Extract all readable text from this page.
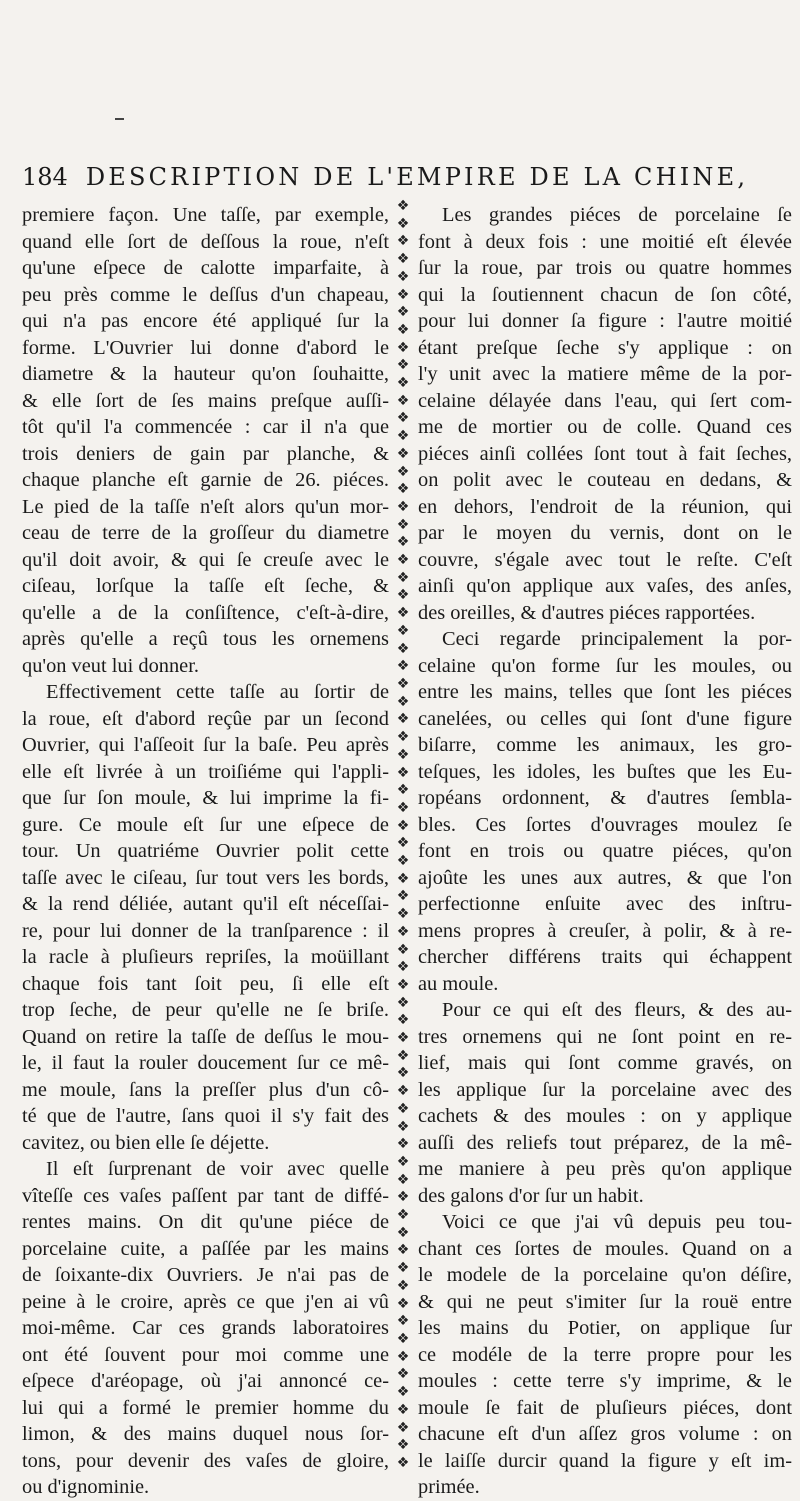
184 DESCRIPTION DE L'EMPIRE DE LA CHINE,
premiere façon. Une taſſe, par exemple,
quand elle ſort de deſſous la roue, n'eſt
qu'une eſpece de calotte imparfaite, à
peu près comme le deſſus d'un chapeau,
qui n'a pas encore été appliqué ſur la
forme. L'Ouvrier lui donne d'abord le
diametre & la hauteur qu'on ſouhaitte,
& elle ſort de ſes mains preſque auſſi-
tôt qu'il l'a commencée : car il n'a que
trois deniers de gain par planche, &
chaque planche eſt garnie de 26. piéces.
Le pied de la taſſe n'eſt alors qu'un mor-
ceau de terre de la groſſeur du diametre
qu'il doit avoir, & qui ſe creuſe avec le
ciſeau, lorſque la taſſe eſt ſeche, &
qu'elle a de la conſiſtence, c'eſt-à-dire,
après qu'elle a reçû tous les ornemens
qu'on veut lui donner.
Effectivement cette taſſe au ſortir de
la roue, eſt d'abord reçûe par un ſecond
Ouvrier, qui l'aſſeoit ſur la baſe. Peu après
elle eſt livrée à un troiſiéme qui l'appli-
que ſur ſon moule, & lui imprime la fi-
gure. Ce moule eſt ſur une eſpece de
tour. Un quatriéme Ouvrier polit cette
taſſe avec le ciſeau, ſur tout vers les bords,
& la rend déliée, autant qu'il eſt néceſſai-
re, pour lui donner de la tranſparence : il
la racle à pluſieurs repriſes, la moüillant
chaque fois tant ſoit peu, ſi elle eſt
trop ſeche, de peur qu'elle ne ſe briſe.
Quand on retire la taſſe de deſſus le mou-
le, il faut la rouler doucement ſur ce mê-
me moule, ſans la preſſer plus d'un cô-
té que de l'autre, ſans quoi il s'y fait des
cavitez, ou bien elle ſe déjette.
Il eſt ſurprenant de voir avec quelle
vîteſſe ces vaſes paſſent par tant de diffé-
rentes mains. On dit qu'une piéce de
porcelaine cuite, a paſſée par les mains
de ſoixante-dix Ouvriers. Je n'ai pas de
peine à le croire, après ce que j'en ai vû
moi-même. Car ces grands laboratoires
ont été ſouvent pour moi comme une
eſpece d'aréopage, où j'ai annoncé ce-
lui qui a formé le premier homme du
limon, & des mains duquel nous ſor-
tons, pour devenir des vaſes de gloire,
ou d'ignominie.
❖
❖
❖
❖
❖
❖
❖
❖
❖
❖
❖
❖
❖
❖
❖
❖
❖
❖
❖
❖
❖
❖
❖
❖
❖
❖
❖
❖
❖
❖
❖
❖
❖
❖
❖
❖
❖
❖
❖
❖
❖
❖
❖
❖
❖
❖
❖
❖
❖
❖
❖
❖
❖
❖
❖
❖
❖
❖
❖
❖
❖
❖
❖
❖
❖
❖
❖
❖
❖
❖
❖
❖
Les grandes piéces de porcelaine ſe
font à deux fois : une moitié eſt élevée
ſur la roue, par trois ou quatre hommes
qui la ſoutiennent chacun de ſon côté,
pour lui donner ſa figure : l'autre moitié
étant preſque ſeche s'y applique : on
l'y unit avec la matiere même de la por-
celaine délayée dans l'eau, qui ſert com-
me de mortier ou de colle. Quand ces
piéces ainſi collées ſont tout à fait ſeches,
on polit avec le couteau en dedans, &
en dehors, l'endroit de la réunion, qui
par le moyen du vernis, dont on le
couvre, s'égale avec tout le reſte. C'eſt
ainſi qu'on applique aux vaſes, des anſes,
des oreilles, & d'autres piéces rapportées.
Ceci regarde principalement la por-
celaine qu'on forme ſur les moules, ou
entre les mains, telles que ſont les piéces
canelées, ou celles qui ſont d'une figure
biſarre, comme les animaux, les gro-
teſques, les idoles, les buſtes que les Eu-
ropéans ordonnent, & d'autres ſembla-
bles. Ces ſortes d'ouvrages moulez ſe
font en trois ou quatre piéces, qu'on
ajoûte les unes aux autres, & que l'on
perfectionne enſuite avec des inſtru-
mens propres à creuſer, à polir, & à re-
chercher différens traits qui échappent
au moule.
Pour ce qui eſt des fleurs, & des au-
tres ornemens qui ne ſont point en re-
lief, mais qui ſont comme gravés, on
les applique ſur la porcelaine avec des
cachets & des moules : on y applique
auſſi des reliefs tout préparez, de la mê-
me maniere à peu près qu'on applique
des galons d'or ſur un habit.
Voici ce que j'ai vû depuis peu tou-
chant ces ſortes de moules. Quand on a
le modele de la porcelaine qu'on déſire,
& qui ne peut s'imiter ſur la rouë entre
les mains du Potier, on applique ſur
ce modéle de la terre propre pour les
moules : cette terre s'y imprime, & le
moule ſe fait de pluſieurs piéces, dont
chacune eſt d'un aſſez gros volume : on
le laiſſe durcir quand la figure y eſt im-
primée.
